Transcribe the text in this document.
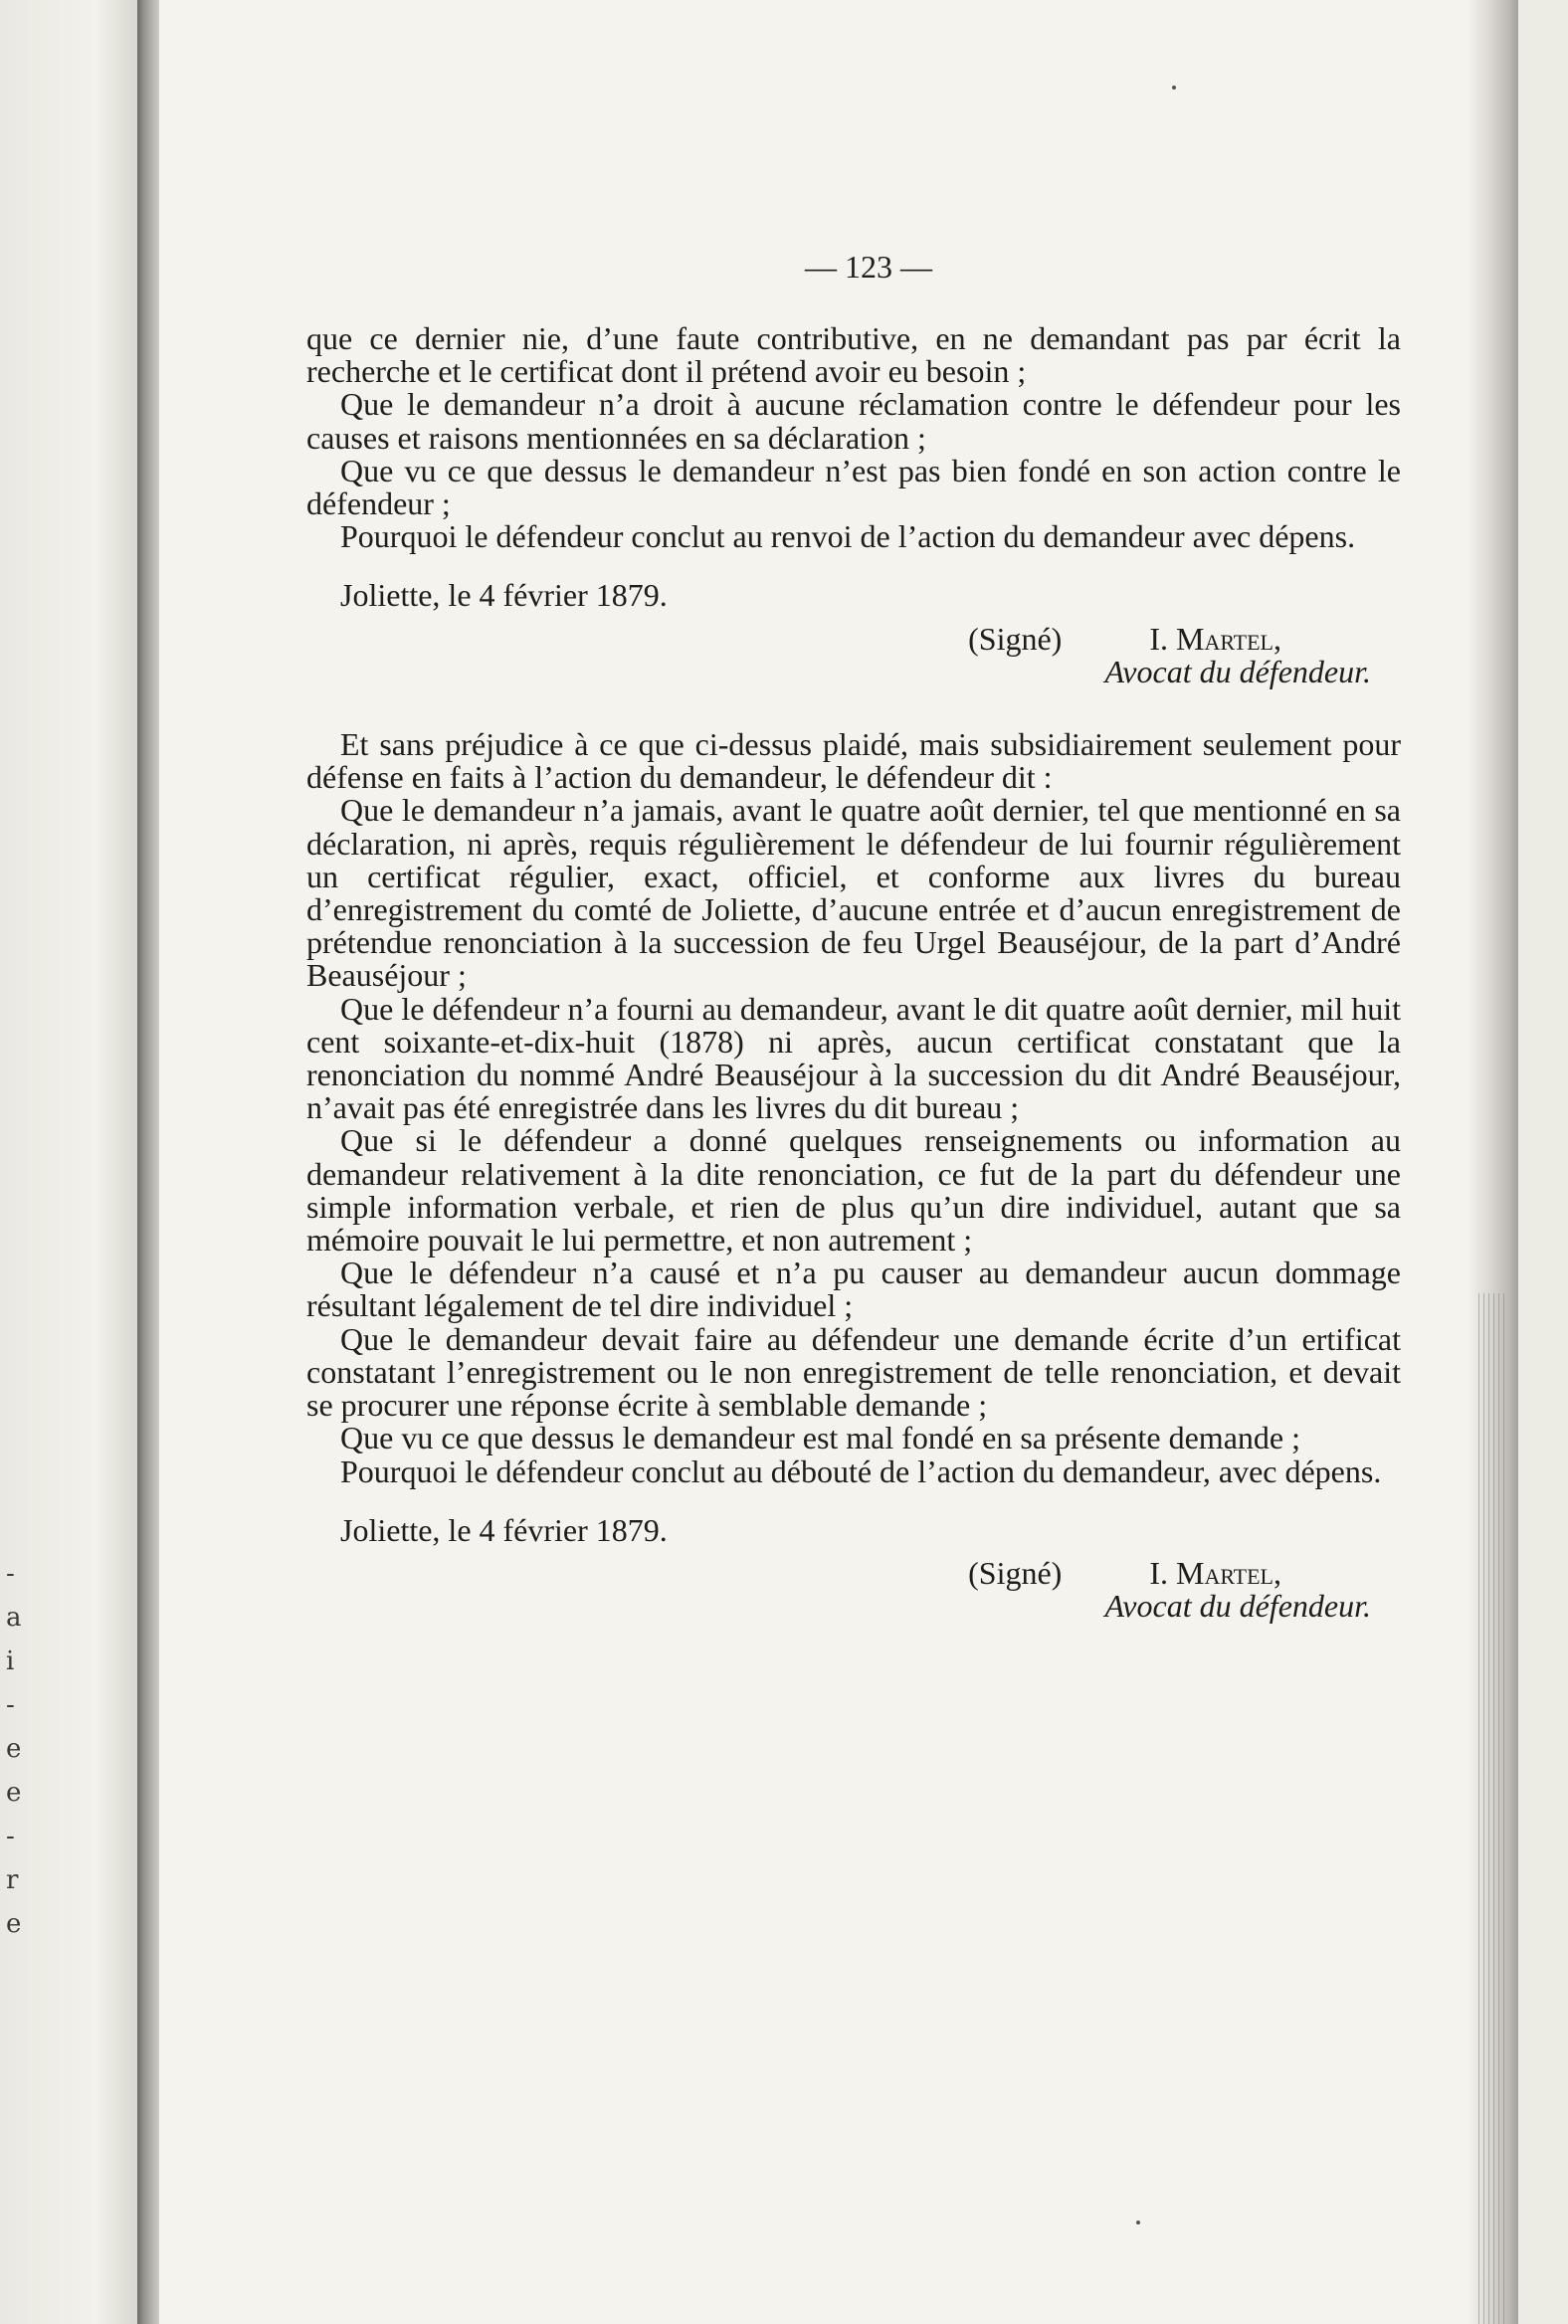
-
a
i
-
e
e
-
r
e
— 123 —

que ce dernier nie, d’une faute contributive, en ne demandant pas par écrit la recherche et le certificat dont il prétend avoir eu besoin ;

Que le demandeur n’a droit à aucune réclamation contre le défendeur pour les causes et raisons mentionnées en sa déclaration ;

Que vu ce que dessus le demandeur n’est pas bien fondé en son action contre le défendeur ;

Pourquoi le défendeur conclut au renvoi de l’action du demandeur avec dépens.

Joliette, le 4 février 1879.

(Signé)	I. Martel,

Avocat du défendeur.

Et sans préjudice à ce que ci-dessus plaidé, mais subsidiairement seulement pour défense en faits à l’action du demandeur, le défendeur dit :

Que le demandeur n’a jamais, avant le quatre août dernier, tel que mentionné en sa déclaration, ni après, requis régulièrement le défendeur de lui fournir régulièrement un certificat régulier, exact, officiel, et conforme aux livres du bureau d’enregistrement du comté de Joliette, d’aucune entrée et d’aucun enregistrement de prétendue renonciation à la succession de feu Urgel Beauséjour, de la part d’André Beauséjour ;

Que le défendeur n’a fourni au demandeur, avant le dit quatre août dernier, mil huit cent soixante-et-dix-huit (1878) ni après, aucun certificat constatant que la renonciation du nommé André Beauséjour à la succession du dit André Beauséjour, n’avait pas été enregistrée dans les livres du dit bureau ;

Que si le défendeur a donné quelques renseignements ou information au demandeur relativement à la dite renonciation, ce fut de la part du défendeur une simple information verbale, et rien de plus qu’un dire individuel, autant que sa mémoire pouvait le lui permettre, et non autrement ;

Que le défendeur n’a causé et n’a pu causer au demandeur aucun dommage résultant légalement de tel dire individuel ;

Que le demandeur devait faire au défendeur une demande écrite d’un ertificat constatant l’enregistrement ou le non enregistrement de telle renonciation, et devait se procurer une réponse écrite à semblable demande ;

Que vu ce que dessus le demandeur est mal fondé en sa présente demande ;

Pourquoi le défendeur conclut au débouté de l’action du demandeur, avec dépens.

Joliette, le 4 février 1879.

(Signé)	I. Martel,

Avocat du défendeur.
